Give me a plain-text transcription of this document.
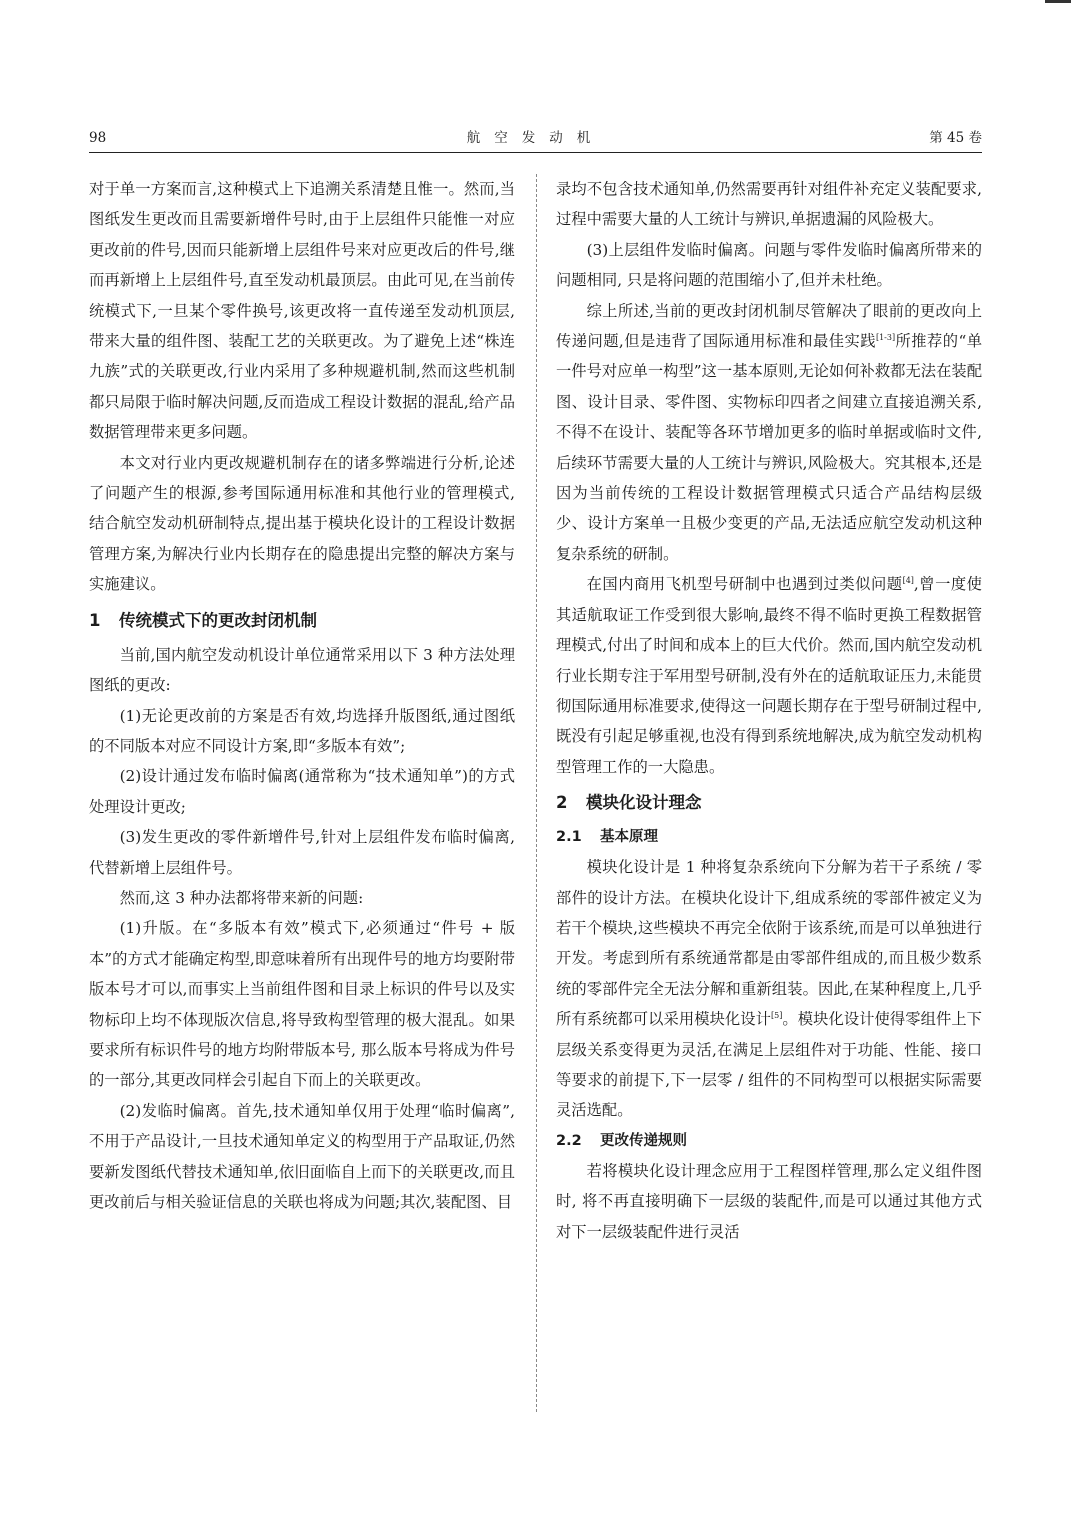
98	航空发动机	第 45 卷

对于单一方案而言,这种模式上下追溯关系清楚且惟一。然而,当图纸发生更改而且需要新增件号时,由于上层组件只能惟一对应更改前的件号,因而只能新增上层组件号来对应更改后的件号,继而再新增上上层组件号,直至发动机最顶层。由此可见,在当前传统模式下,一旦某个零件换号,该更改将一直传递至发动机顶层,带来大量的组件图、装配工艺的关联更改。为了避免上述“株连九族”式的关联更改,行业内采用了多种规避机制,然而这些机制都只局限于临时解决问题,反而造成工程设计数据的混乱,给产品数据管理带来更多问题。

本文对行业内更改规避机制存在的诸多弊端进行分析,论述了问题产生的根源,参考国际通用标准和其他行业的管理模式, 结合航空发动机研制特点,提出基于模块化设计的工程设计数据管理方案,为解决行业内长期存在的隐患提出完整的解决方案与实施建议。

1 传统模式下的更改封闭机制

当前,国内航空发动机设计单位通常采用以下 3 种方法处理图纸的更改:

(1)无论更改前的方案是否有效,均选择升版图纸,通过图纸的不同版本对应不同设计方案,即“多版本有效”;

(2)设计通过发布临时偏离(通常称为“技术通知单”)的方式处理设计更改;

(3)发生更改的零件新增件号,针对上层组件发布临时偏离,代替新增上层组件号。

然而,这 3 种办法都将带来新的问题:

(1)升版。在“多版本有效”模式下,必须通过“件号 + 版本”的方式才能确定构型,即意味着所有出现件号的地方均要附带版本号才可以,而事实上当前组件图和目录上标识的件号以及实物标印上均不体现版次信息,将导致构型管理的极大混乱。如果要求所有标识件号的地方均附带版本号, 那么版本号将成为件号的一部分,其更改同样会引起自下而上的关联更改。

(2)发临时偏离。首先,技术通知单仅用于处理“临时偏离”,不用于产品设计,一旦技术通知单定义的构型用于产品取证,仍然要新发图纸代替技术通知单,依旧面临自上而下的关联更改,而且更改前后与相关验证信息的关联也将成为问题;其次,装配图、目

录均不包含技术通知单,仍然需要再针对组件补充定义装配要求, 过程中需要大量的人工统计与辨识,单据遗漏的风险极大。

(3)上层组件发临时偏离。问题与零件发临时偏离所带来的问题相同, 只是将问题的范围缩小了,但并未杜绝。

综上所述,当前的更改封闭机制尽管解决了眼前的更改向上传递问题,但是违背了国际通用标准和最佳实践[1-3]所推荐的“单一件号对应单一构型”这一基本原则,无论如何补救都无法在装配图、设计目录、零件图、实物标印四者之间建立直接追溯关系,不得不在设计、装配等各环节增加更多的临时单据或临时文件,后续环节需要大量的人工统计与辨识,风险极大。究其根本,还是因为当前传统的工程设计数据管理模式只适合产品结构层级少、设计方案单一且极少变更的产品,无法适应航空发动机这种复杂系统的研制。

在国内商用飞机型号研制中也遇到过类似问题[4],曾一度使其适航取证工作受到很大影响,最终不得不临时更换工程数据管理模式,付出了时间和成本上的巨大代价。然而,国内航空发动机行业长期专注于军用型号研制,没有外在的适航取证压力,未能贯彻国际通用标准要求,使得这一问题长期存在于型号研制过程中,既没有引起足够重视,也没有得到系统地解决,成为航空发动机构型管理工作的一大隐患。

2 模块化设计理念
2.1 基本原理

模块化设计是 1 种将复杂系统向下分解为若干子系统 / 零部件的设计方法。在模块化设计下,组成系统的零部件被定义为若干个模块,这些模块不再完全依附于该系统,而是可以单独进行开发。考虑到所有系统通常都是由零部件组成的,而且极少数系统的零部件完全无法分解和重新组装。因此,在某种程度上,几乎所有系统都可以采用模块化设计[5]。模块化设计使得零组件上下层级关系变得更为灵活,在满足上层组件对于功能、性能、接口等要求的前提下,下一层零 / 组件的不同构型可以根据实际需要灵活选配。

2.2 更改传递规则

若将模块化设计理念应用于工程图样管理,那么定义组件图时, 将不再直接明确下一层级的装配件,而是可以通过其他方式对下一层级装配件进行灵活
